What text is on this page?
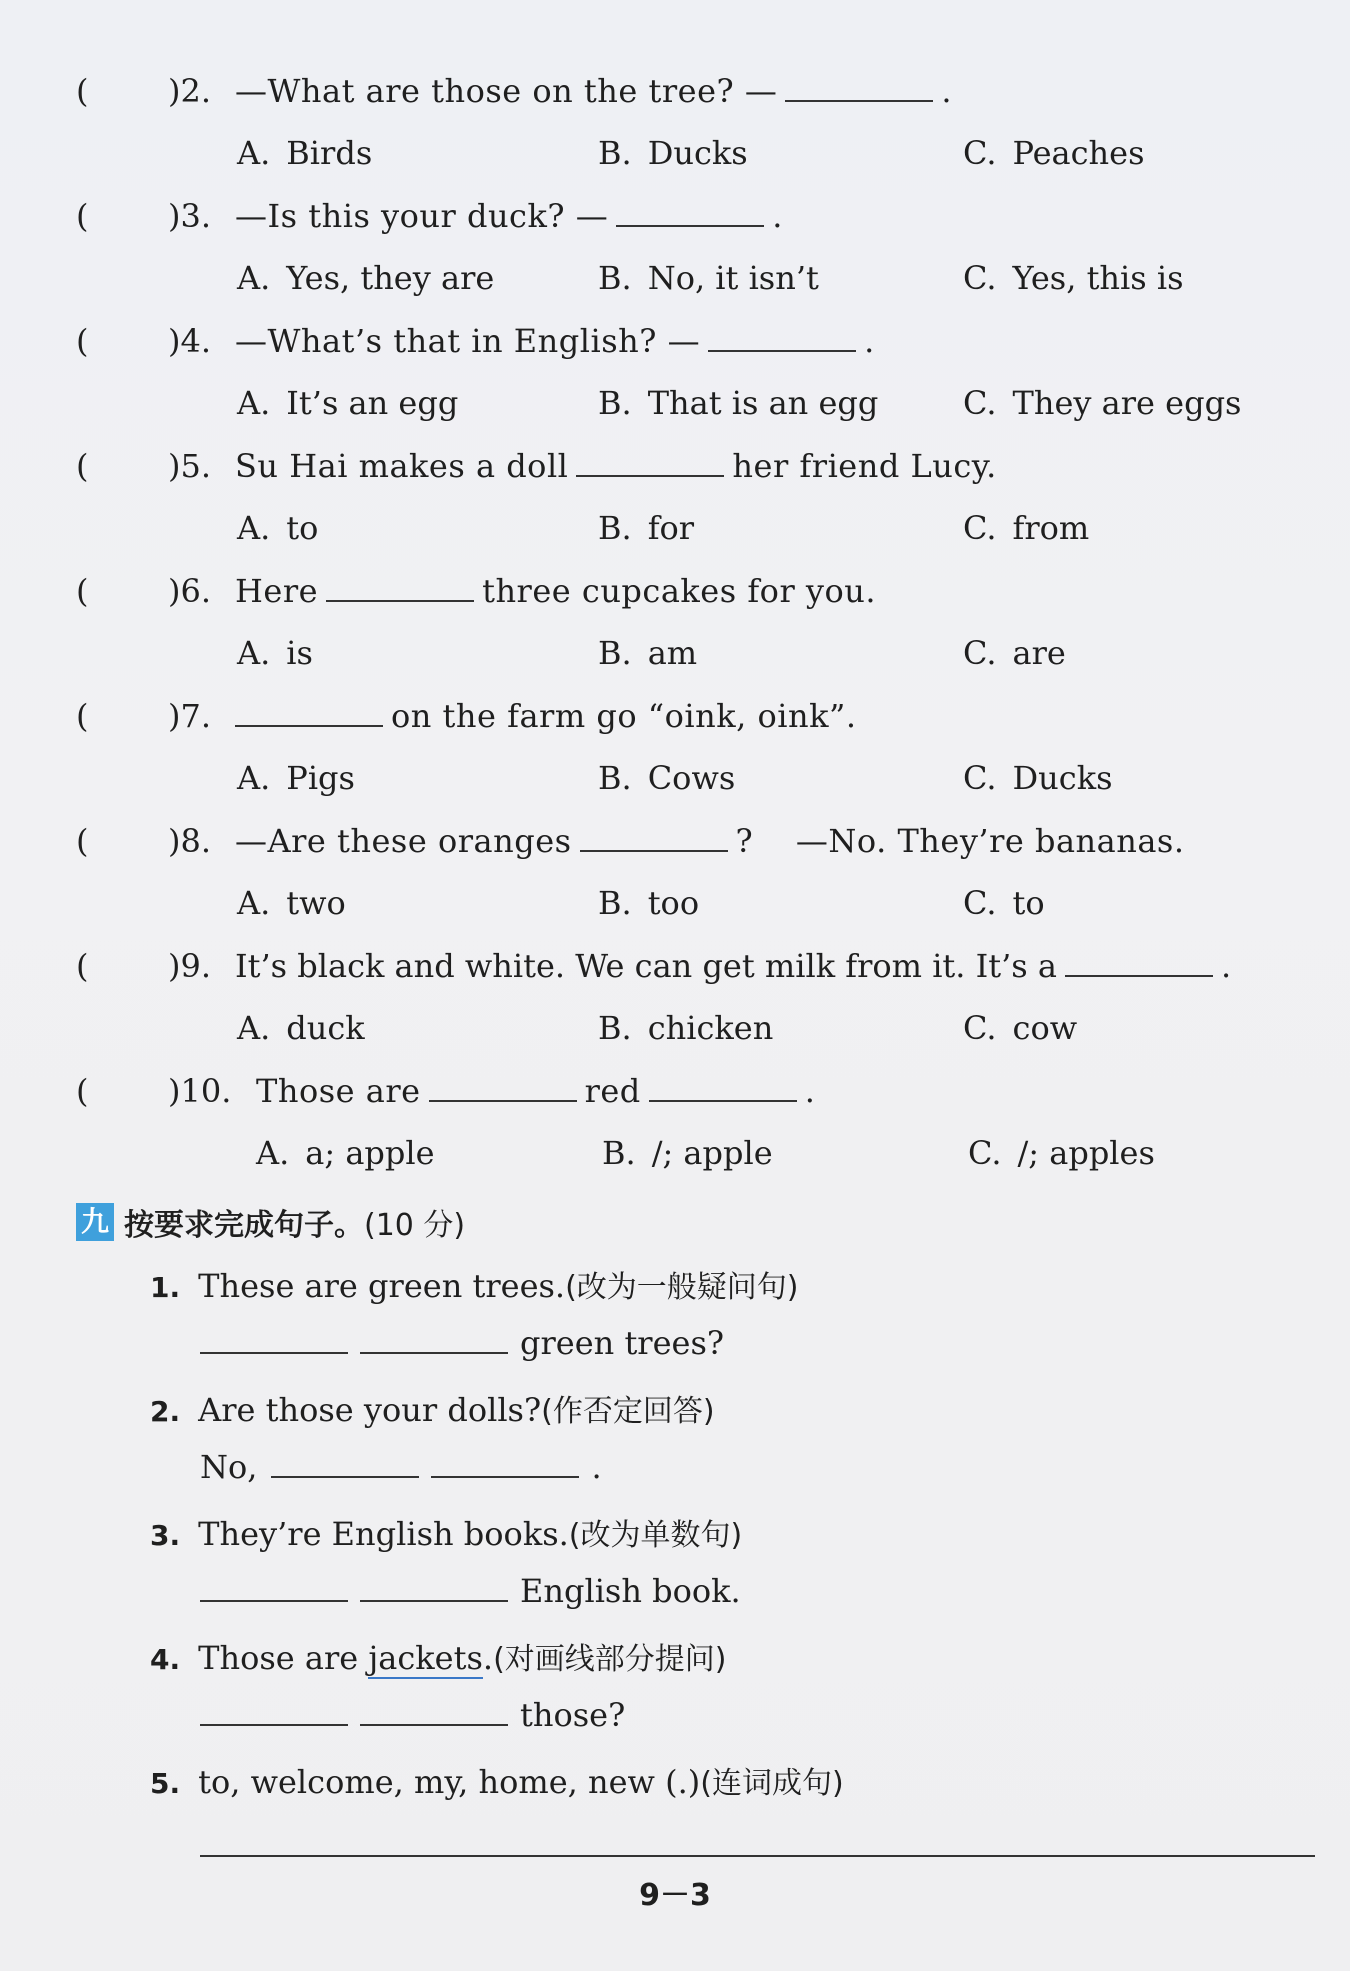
( )2. —What are those on the tree? —	.
A. Birds	B. Ducks	C. Peaches
( )3. —Is this your duck? —	.
A. Yes, they are	B. No, it isn’t	C. Yes, this is
( )4. —What’s that in English? —	.
A. It’s an egg	B. That is an egg	C. They are eggs
( )5. Su Hai makes a doll	her friend Lucy.
A. to	B. for	C. from
( )6. Here	three cupcakes for you.
A. is	B. am	C. are
( )7.	on the farm go “oink, oink”.
A. Pigs	B. Cows	C. Ducks
( )8. —Are these oranges	?    —No. They’re bananas.
A. two	B. too	C. to
( )9. It’s black and white. We can get milk from it. It’s a	.
A. duck	B. chicken	C. cow
( )10. Those are	red	.
A. a; apple	B. /; apple	C. /; apples
九 按要求完成句子。 (10 分)
1. These are green trees.(改为一般疑问句)
green trees?
2. Are those your dolls?(作否定回答)
No,	.
3. They’re English books.(改为单数句)
English book.
4. Those are jackets.(对画线部分提问)
those?
5. to, welcome, my, home, new (.)(连词成句)
9－3
